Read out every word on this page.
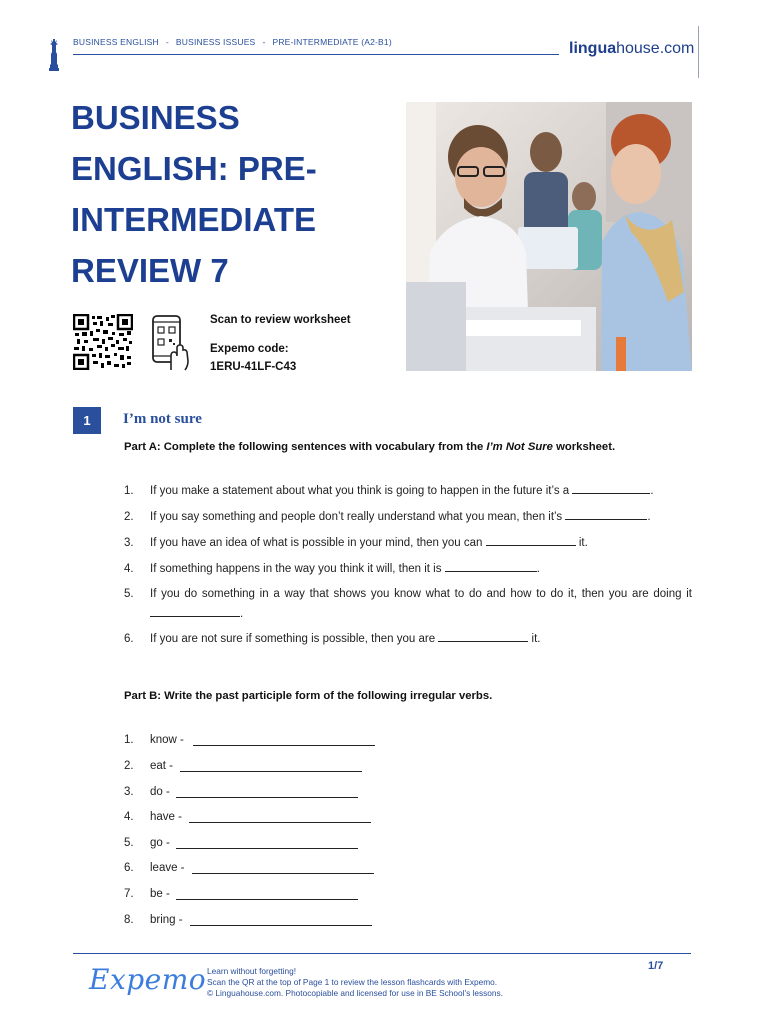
BUSINESS ENGLISH - BUSINESS ISSUES - PRE-INTERMEDIATE (A2-B1)	linguahouse.com
BUSINESS ENGLISH: PRE-INTERMEDIATE REVIEW 7
Scan to review worksheet
Expemo code:
1ERU-41LF-C43
1	I’m not sure
Part A: Complete the following sentences with vocabulary from the I’m Not Sure worksheet.
1. If you make a statement about what you think is going to happen in the future it’s a	.
2. If you say something and people don’t really understand what you mean, then it’s	.
3. If you have an idea of what is possible in your mind, then you can	it.
4. If something happens in the way you think it will, then it is	.
5. If you do something in a way that shows you know what to do and how to do it, then you are doing it .
6. If you are not sure if something is possible, then you are	it.
Part B: Write the past participle form of the following irregular verbs.
1. know -
2. eat -
3. do -
4. have -
5. go -
6. leave -
7. be -
8. bring -
Expemo Learn without forgetting!
Scan the QR at the top of Page 1 to review the lesson flashcards with Expemo.
© Linguahouse.com. Photocopiable and licensed for use in BE School's lessons.
1/7
